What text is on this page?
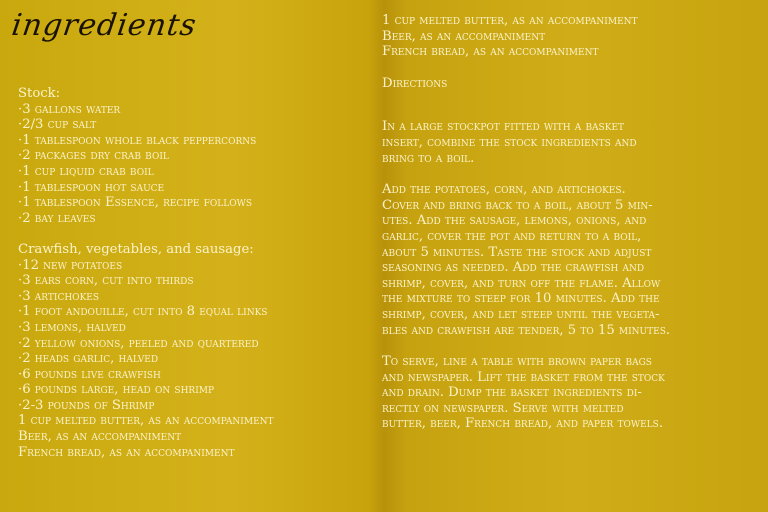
ingredients
Stock:
·3 gallons water
·2/3 cup salt
·1 tablespoon whole black peppercorns
·2 packages dry crab boil
·1 cup liquid crab boil
·1 tablespoon hot sauce
·1 tablespoon Essence, recipe follows
·2 bay leaves
Crawfish, vegetables, and sausage:
·12 new potatoes
·3 ears corn, cut into thirds
·3 artichokes
·1 foot andouille, cut into 8 equal links
·3 lemons, halved
·2 yellow onions, peeled and quartered
·2 heads garlic, halved
·6 pounds live crawfish
·6 pounds large, head on shrimp
·2-3 pounds of Shrimp
1 cup melted butter, as an accompaniment
Beer, as an accompaniment
French bread, as an accompaniment
1 cup melted butter, as an accompaniment
Beer, as an accompaniment
French bread, as an accompaniment
Directions
In a large stockpot fitted with a basket
insert, combine the stock ingredients and
bring to a boil.
Add the potatoes, corn, and artichokes.
Cover and bring back to a boil, about 5 min-
utes. Add the sausage, lemons, onions, and
garlic, cover the pot and return to a boil,
about 5 minutes. Taste the stock and adjust
seasoning as needed. Add the crawfish and
shrimp, cover, and turn off the flame. Allow
the mixture to steep for 10 minutes. Add the
shrimp, cover, and let steep until the vegeta-
bles and crawfish are tender, 5 to 15 minutes.
To serve, line a table with brown paper bags
and newspaper. Lift the basket from the stock
and drain. Dump the basket ingredients di-
rectly on newspaper. Serve with melted
butter, beer, French bread, and paper towels.
